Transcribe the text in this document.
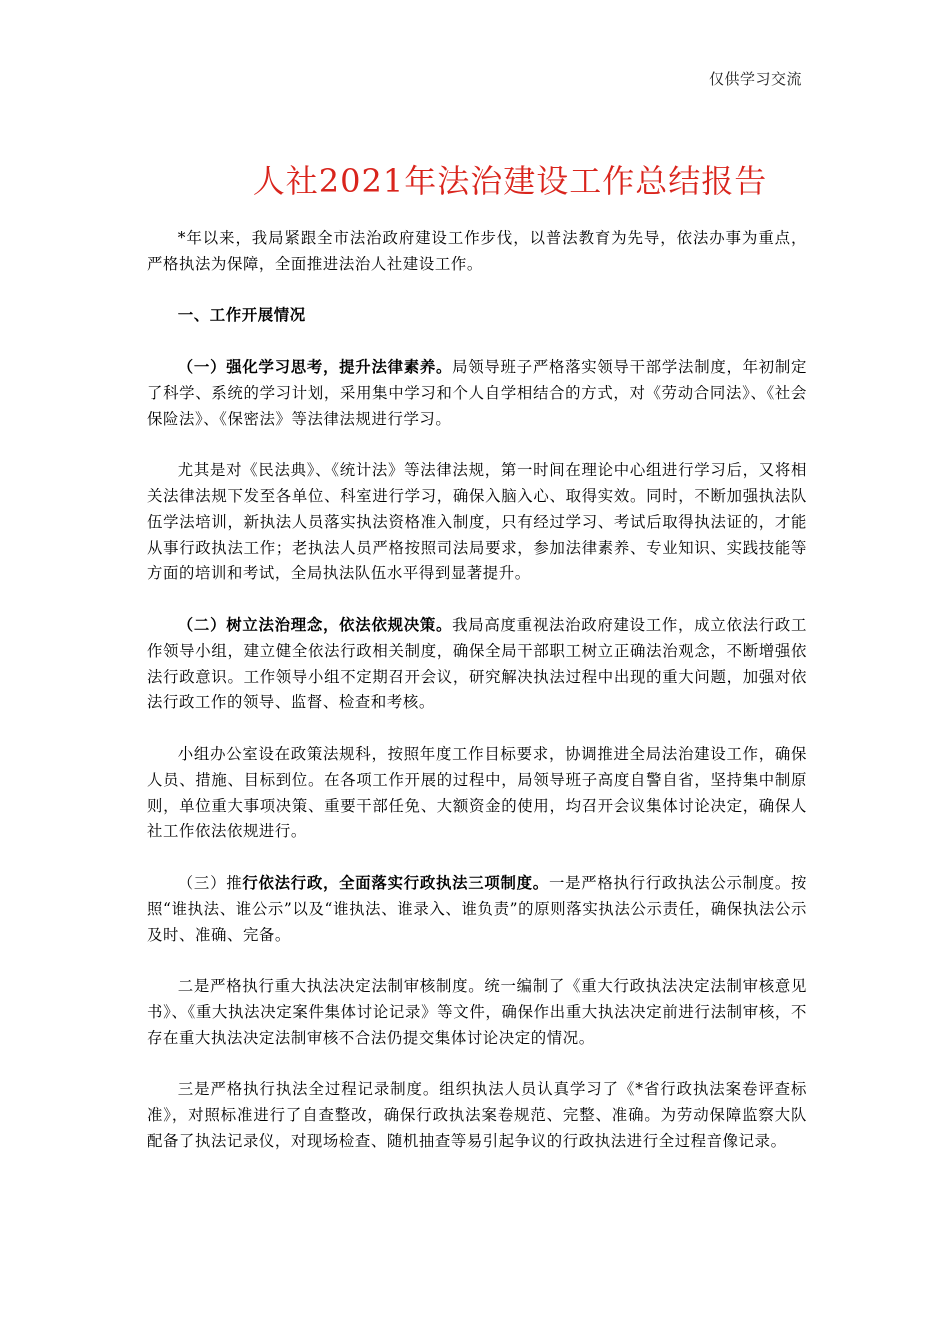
仅供学习交流
人社2021年法治建设工作总结报告

*年以来，我局紧跟全市法治政府建设工作步伐，以普法教育为先导，依法办事为重点，严格执法为保障，全面推进法治人社建设工作。

一、工作开展情况

（一）强化学习思考，提升法律素养。局领导班子严格落实领导干部学法制度，年初制定了科学、系统的学习计划，采用集中学习和个人自学相结合的方式，对《劳动合同法》、《社会保险法》、《保密法》等法律法规进行学习。

尤其是对《民法典》、《统计法》等法律法规，第一时间在理论中心组进行学习后，又将相关法律法规下发至各单位、科室进行学习，确保入脑入心、取得实效。同时，不断加强执法队伍学法培训，新执法人员落实执法资格准入制度，只有经过学习、考试后取得执法证的，才能从事行政执法工作；老执法人员严格按照司法局要求，参加法律素养、专业知识、实践技能等方面的培训和考试，全局执法队伍水平得到显著提升。

（二）树立法治理念，依法依规决策。我局高度重视法治政府建设工作，成立依法行政工作领导小组，建立健全依法行政相关制度，确保全局干部职工树立正确法治观念，不断增强依法行政意识。工作领导小组不定期召开会议，研究解决执法过程中出现的重大问题，加强对依法行政工作的领导、监督、检查和考核。

小组办公室设在政策法规科，按照年度工作目标要求，协调推进全局法治建设工作，确保人员、措施、目标到位。在各项工作开展的过程中，局领导班子高度自警自省，坚持集中制原则，单位重大事项决策、重要干部任免、大额资金的使用，均召开会议集体讨论决定，确保人社工作依法依规进行。

（三）推行依法行政，全面落实行政执法三项制度。一是严格执行行政执法公示制度。按照“谁执法、谁公示”以及“谁执法、谁录入、谁负责”的原则落实执法公示责任，确保执法公示及时、准确、完备。

二是严格执行重大执法决定法制审核制度。统一编制了《重大行政执法决定法制审核意见书》、《重大执法决定案件集体讨论记录》等文件，确保作出重大执法决定前进行法制审核，不存在重大执法决定法制审核不合法仍提交集体讨论决定的情况。

三是严格执行执法全过程记录制度。组织执法人员认真学习了《*省行政执法案卷评查标准》，对照标准进行了自查整改，确保行政执法案卷规范、完整、准确。为劳动保障监察大队配备了执法记录仪，对现场检查、随机抽查等易引起争议的行政执法进行全过程音像记录。
